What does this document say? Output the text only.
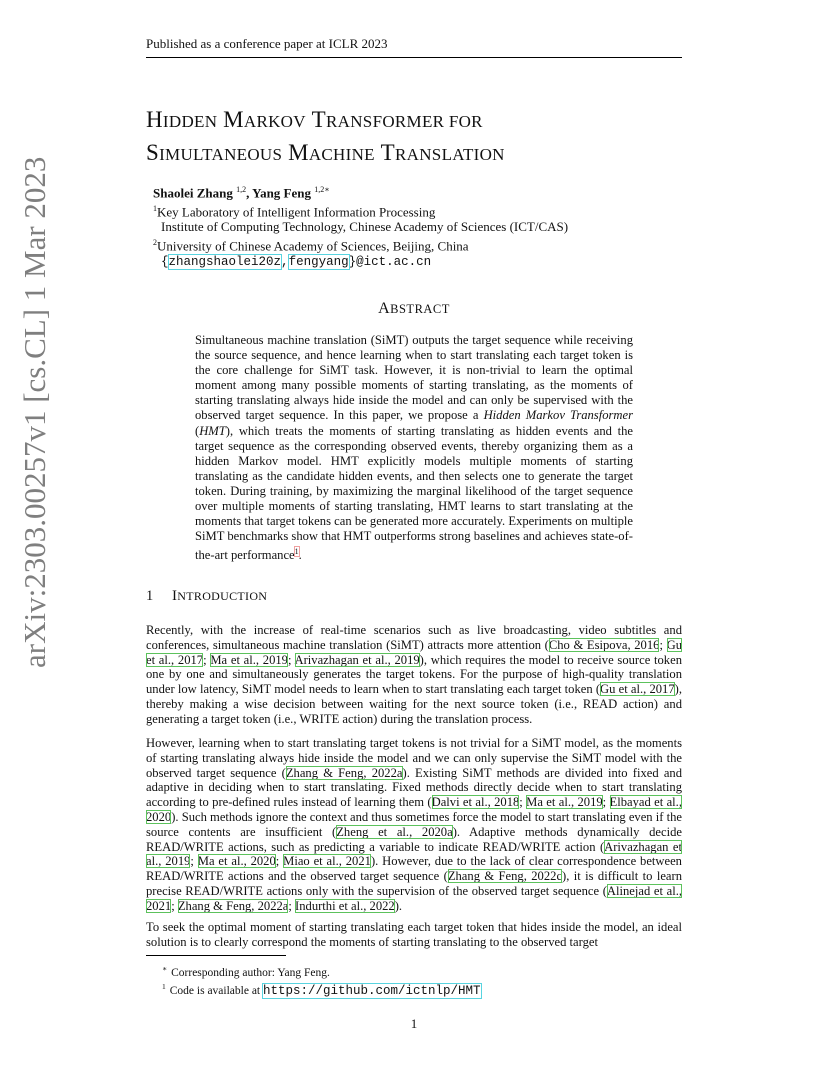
Published as a conference paper at ICLR 2023
arXiv:2303.00257v1 [cs.CL] 1 Mar 2023
HIDDEN MARKOV TRANSFORMER FOR
SIMULTANEOUS MACHINE TRANSLATION
Shaolei Zhang $^{1,2}$, Yang Feng $^{1,2∗}$
$^1$Key Laboratory of Intelligent Information Processing
Institute of Computing Technology, Chinese Academy of Sciences (ICT/CAS)
$^2$University of Chinese Academy of Sciences, Beijing, China
{zhangshaolei20z,fengyang}@ict.ac.cn
ABSTRACT
Simultaneous machine translation (SiMT) outputs the target sequence while receiving the source sequence, and hence learning when to start translating each target token is the core challenge for SiMT task. However, it is non-trivial to learn the optimal moment among many possible moments of starting translating, as the moments of starting translating always hide inside the model and can only be supervised with the observed target sequence. In this paper, we propose a Hidden Markov Transformer (HMT), which treats the moments of starting translating as hidden events and the target sequence as the corresponding observed events, thereby organizing them as a hidden Markov model. HMT explicitly models multiple moments of starting translating as the candidate hidden events, and then selects one to generate the target token. During training, by maximizing the marginal likelihood of the target sequence over multiple moments of starting translating, HMT learns to start translating at the moments that target tokens can be generated more accurately. Experiments on multiple SiMT benchmarks show that HMT outperforms strong baselines and achieves state-of-the-art performance$^1$.
1 INTRODUCTION
Recently, with the increase of real-time scenarios such as live broadcasting, video subtitles and conferences, simultaneous machine translation (SiMT) attracts more attention (Cho & Esipova, 2016; Gu et al., 2017; Ma et al., 2019; Arivazhagan et al., 2019), which requires the model to receive source token one by one and simultaneously generates the target tokens. For the purpose of high-quality translation under low latency, SiMT model needs to learn when to start translating each target token (Gu et al., 2017), thereby making a wise decision between waiting for the next source token (i.e., READ action) and generating a target token (i.e., WRITE action) during the translation process.
However, learning when to start translating target tokens is not trivial for a SiMT model, as the moments of starting translating always hide inside the model and we can only supervise the SiMT model with the observed target sequence (Zhang & Feng, 2022a). Existing SiMT methods are divided into fixed and adaptive in deciding when to start translating. Fixed methods directly decide when to start translating according to pre-defined rules instead of learning them (Dalvi et al., 2018; Ma et al., 2019; Elbayad et al., 2020). Such methods ignore the context and thus sometimes force the model to start translating even if the source contents are insufficient (Zheng et al., 2020a). Adaptive methods dynamically decide READ/WRITE actions, such as predicting a variable to indicate READ/WRITE action (Arivazhagan et al., 2019; Ma et al., 2020; Miao et al., 2021). However, due to the lack of clear correspondence between READ/WRITE actions and the observed target sequence (Zhang & Feng, 2022c), it is difficult to learn precise READ/WRITE actions only with the supervision of the observed target sequence (Alinejad et al., 2021; Zhang & Feng, 2022a; Indurthi et al., 2022).
To seek the optimal moment of starting translating each target token that hides inside the model, an ideal solution is to clearly correspond the moments of starting translating to the observed target
∗ Corresponding author: Yang Feng.
$^1$ Code is available at https://github.com/ictnlp/HMT
1
